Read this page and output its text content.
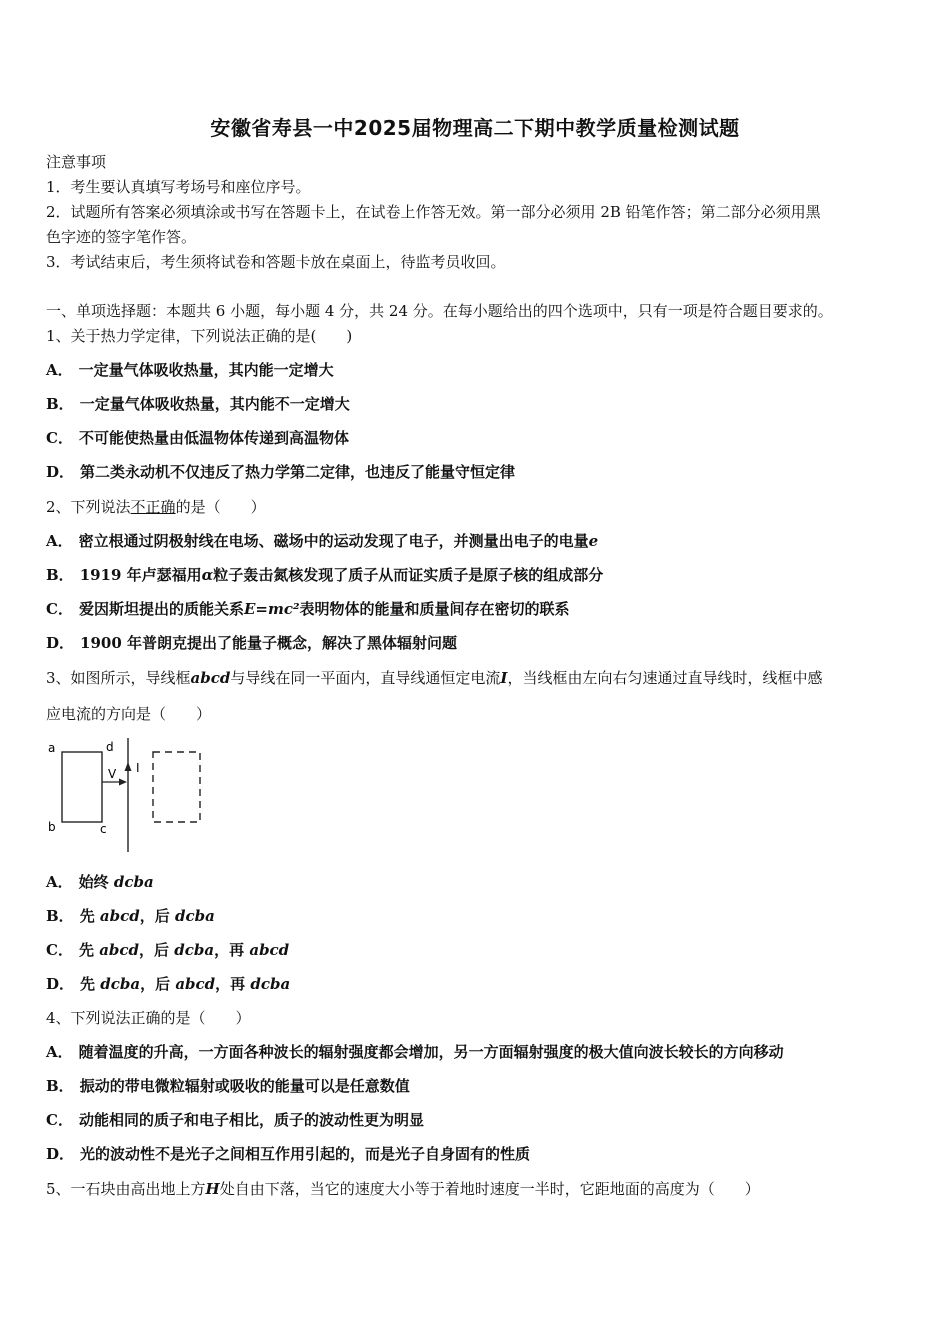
安徽省寿县一中2025届物理高二下期中教学质量检测试题
注意事项
1．考生要认真填写考场号和座位序号。
2．试题所有答案必须填涂或书写在答题卡上，在试卷上作答无效。第一部分必须用 2B 铅笔作答；第二部分必须用黑
色字迹的签字笔作答。
3．考试结束后，考生须将试卷和答题卡放在桌面上，待监考员收回。
一、单项选择题：本题共 6 小题，每小题 4 分，共 24 分。在每小题给出的四个选项中，只有一项是符合题目要求的。
1、关于热力学定律，下列说法正确的是(　　)
A． 一定量气体吸收热量，其内能一定增大
B． 一定量气体吸收热量，其内能不一定增大
C． 不可能使热量由低温物体传递到高温物体
D． 第二类永动机不仅违反了热力学第二定律，也违反了能量守恒定律
2、下列说法不正确的是（　　）
A． 密立根通过阴极射线在电场、磁场中的运动发现了电子，并测量出电子的电量e
B． 1919 年卢瑟福用α粒子轰击氮核发现了质子从而证实质子是原子核的组成部分
C． 爱因斯坦提出的质能关系E=mc²表明物体的能量和质量间存在密切的联系
D． 1900 年普朗克提出了能量子概念，解决了黑体辐射问题
3、如图所示，导线框abcd与导线在同一平面内，直导线通恒定电流I，当线框由左向右匀速通过直导线时，线框中感
应电流的方向是（　　）
a	d
b	c
V I
A． 始终 dcba
B． 先 abcd，后 dcba
C． 先 abcd，后 dcba，再 abcd
D． 先 dcba，后 abcd，再 dcba
4、下列说法正确的是（　　）
A． 随着温度的升高，一方面各种波长的辐射强度都会增加，另一方面辐射强度的极大值向波长较长的方向移动
B． 振动的带电微粒辐射或吸收的能量可以是任意数值
C． 动能相同的质子和电子相比，质子的波动性更为明显
D． 光的波动性不是光子之间相互作用引起的，而是光子自身固有的性质
5、一石块由高出地上方H处自由下落，当它的速度大小等于着地时速度一半时，它距地面的高度为（　　）
